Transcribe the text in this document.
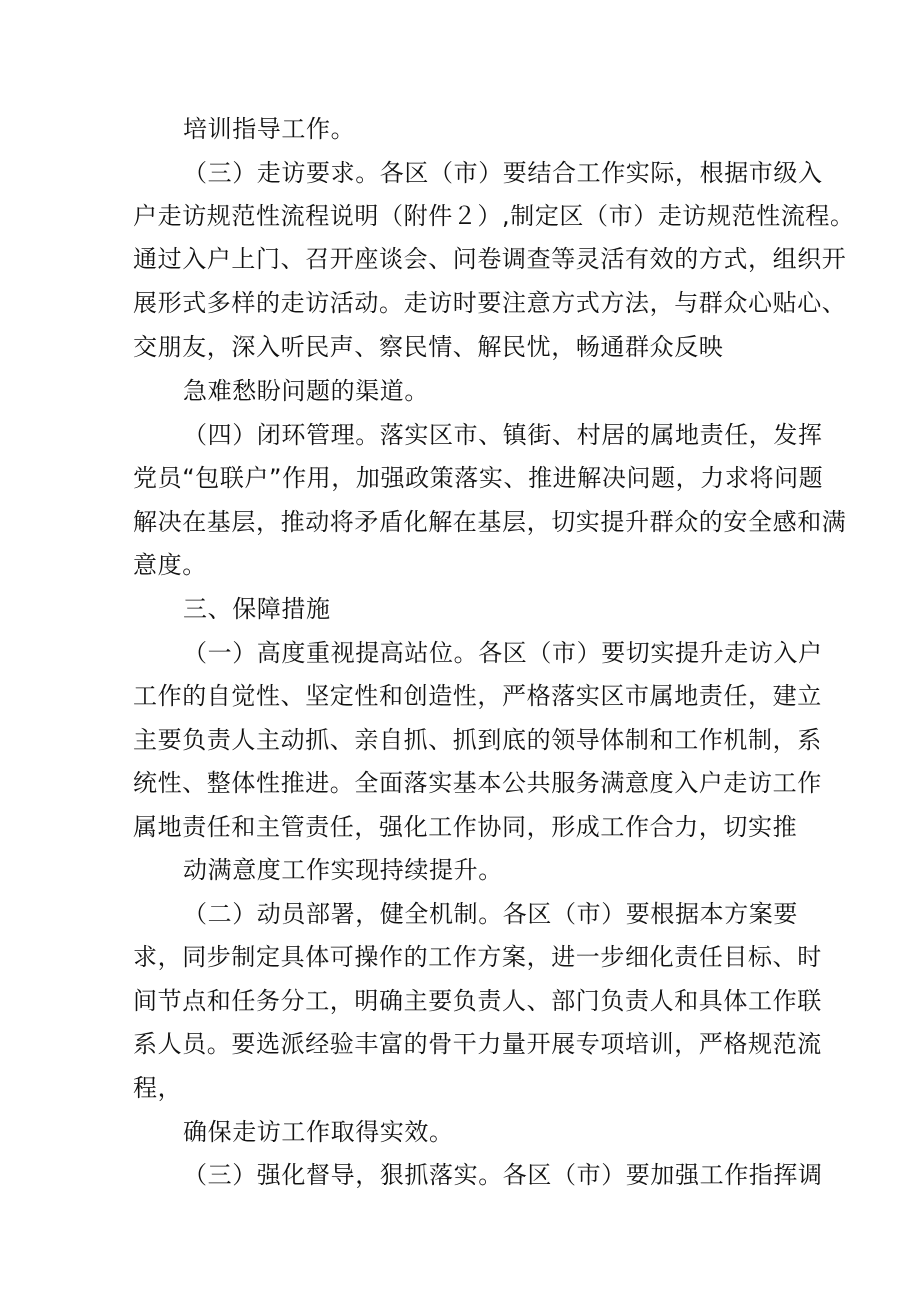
培训指导工作。
（三）走访要求。各区（市）要结合工作实际，根据市级入
户走访规范性流程说明（附件２）,制定区（市）走访规范性流程。
通过入户上门、召开座谈会、问卷调查等灵活有效的方式，组织开
展形式多样的走访活动。走访时要注意方式方法，与群众心贴心、
交朋友，深入听民声、察民情、解民忧，畅通群众反映
急难愁盼问题的渠道。
（四）闭环管理。落实区市、镇街、村居的属地责任，发挥
党员“包联户”作用，加强政策落实、推进解决问题，力求将问题
解决在基层，推动将矛盾化解在基层，切实提升群众的安全感和满
意度。
三、保障措施
（一）高度重视提高站位。各区（市）要切实提升走访入户
工作的自觉性、坚定性和创造性，严格落实区市属地责任，建立
主要负责人主动抓、亲自抓、抓到底的领导体制和工作机制，系
统性、整体性推进。全面落实基本公共服务满意度入户走访工作
属地责任和主管责任，强化工作协同，形成工作合力，切实推
动满意度工作实现持续提升。
（二）动员部署，健全机制。各区（市）要根据本方案要
求，同步制定具体可操作的工作方案，进一步细化责任目标、时
间节点和任务分工，明确主要负责人、部门负责人和具体工作联
系人员。要选派经验丰富的骨干力量开展专项培训，严格规范流
程，
确保走访工作取得实效。
（三）强化督导，狠抓落实。各区（市）要加强工作指挥调
